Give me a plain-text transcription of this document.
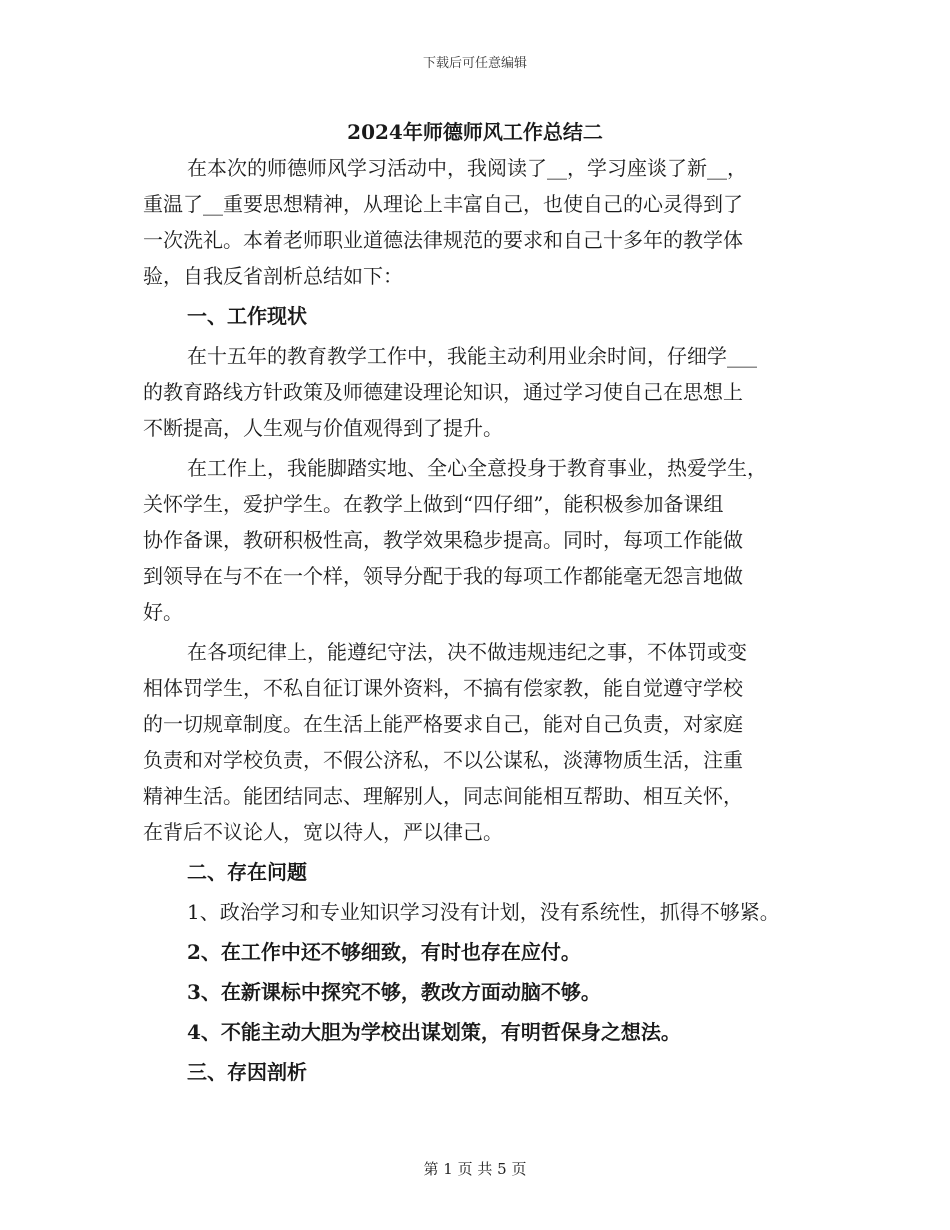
下载后可任意编辑
2024年师德师风工作总结二
在本次的师德师风学习活动中，我阅读了__，学习座谈了新__，
重温了__重要思想精神，从理论上丰富自己，也使自己的心灵得到了
一次洗礼。本着老师职业道德法律规范的要求和自己十多年的教学体
验，自我反省剖析总结如下：
一、工作现状
在十五年的教育教学工作中，我能主动利用业余时间，仔细学___
的教育路线方针政策及师德建设理论知识，通过学习使自己在思想上
不断提高，人生观与价值观得到了提升。
在工作上，我能脚踏实地、全心全意投身于教育事业，热爱学生，
关怀学生，爱护学生。在教学上做到“四仔细”，能积极参加备课组
协作备课，教研积极性高，教学效果稳步提高。同时，每项工作能做
到领导在与不在一个样，领导分配于我的每项工作都能毫无怨言地做
好。
在各项纪律上，能遵纪守法，决不做违规违纪之事，不体罚或变
相体罚学生，不私自征订课外资料，不搞有偿家教，能自觉遵守学校
的一切规章制度。在生活上能严格要求自己，能对自己负责，对家庭
负责和对学校负责，不假公济私，不以公谋私，淡薄物质生活，注重
精神生活。能团结同志、理解别人，同志间能相互帮助、相互关怀，
在背后不议论人，宽以待人，严以律己。
二、存在问题
1、政治学习和专业知识学习没有计划，没有系统性，抓得不够紧。
2、在工作中还不够细致，有时也存在应付。
3、在新课标中探究不够，教改方面动脑不够。
4、不能主动大胆为学校出谋划策，有明哲保身之想法。
三、存因剖析
第 1 页 共 5 页
